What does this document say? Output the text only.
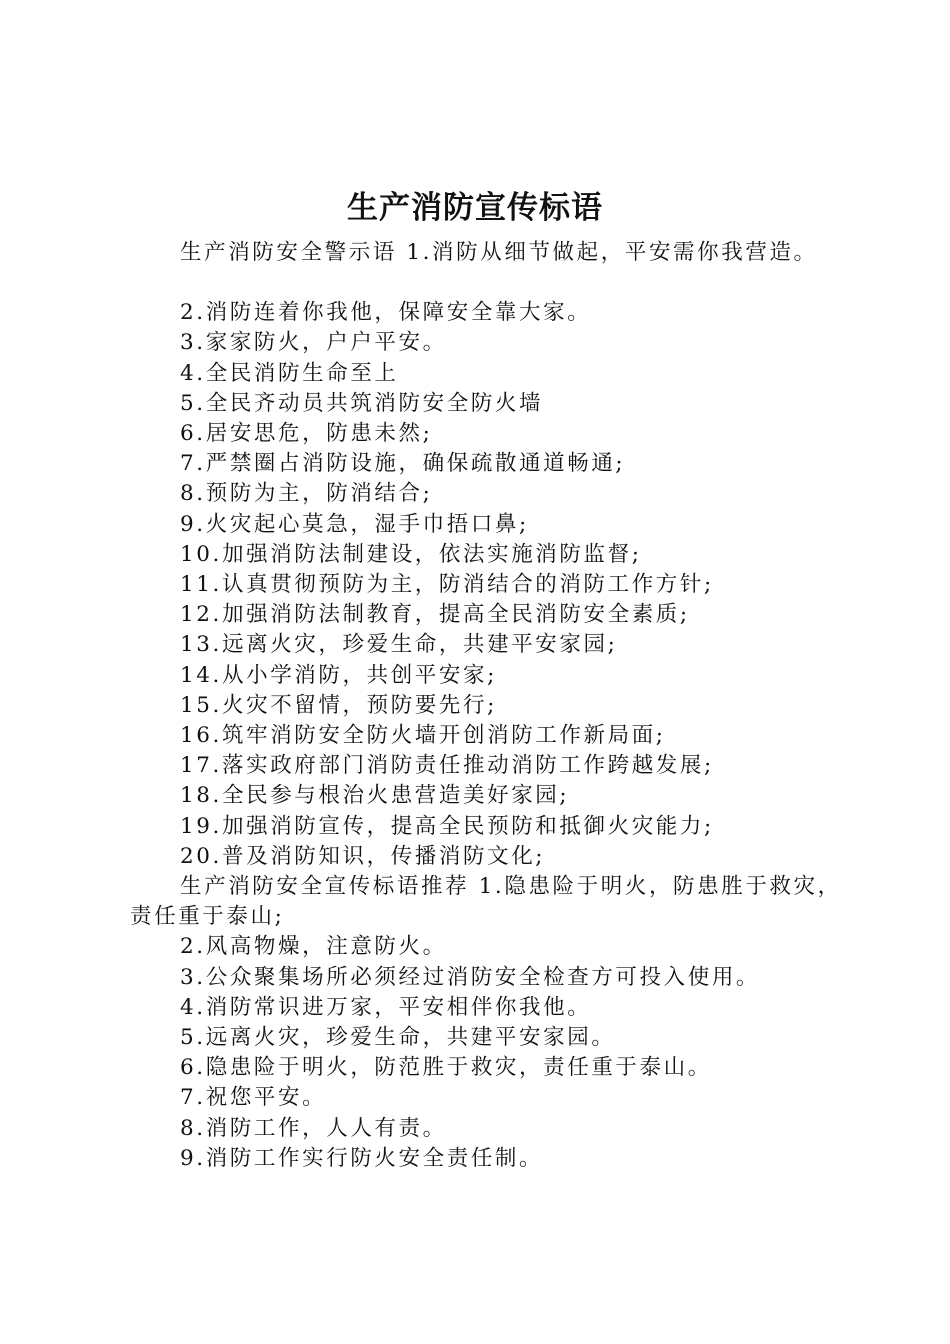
生产消防宣传标语

生产消防安全警示语 1.消防从细节做起，平安需你我营造。

2.消防连着你我他，保障安全靠大家。

3.家家防火，户户平安。

4.全民消防生命至上

5.全民齐动员共筑消防安全防火墙

6.居安思危，防患未然;

7.严禁圈占消防设施，确保疏散通道畅通;

8.预防为主，防消结合;

9.火灾起心莫急，湿手巾捂口鼻;

10.加强消防法制建设，依法实施消防监督;

11.认真贯彻预防为主，防消结合的消防工作方针;

12.加强消防法制教育，提高全民消防安全素质;

13.远离火灾，珍爱生命，共建平安家园;

14.从小学消防，共创平安家;

15.火灾不留情，预防要先行;

16.筑牢消防安全防火墙开创消防工作新局面;

17.落实政府部门消防责任推动消防工作跨越发展;

18.全民参与根治火患营造美好家园;

19.加强消防宣传，提高全民预防和抵御火灾能力;

20.普及消防知识，传播消防文化;

生产消防安全宣传标语推荐 1.隐患险于明火，防患胜于救灾，责任重于泰山;

2.风高物燥，注意防火。

3.公众聚集场所必须经过消防安全检查方可投入使用。

4.消防常识进万家，平安相伴你我他。

5.远离火灾，珍爱生命，共建平安家园。

6.隐患险于明火，防范胜于救灾，责任重于泰山。

7.祝您平安。

8.消防工作，人人有责。

9.消防工作实行防火安全责任制。
